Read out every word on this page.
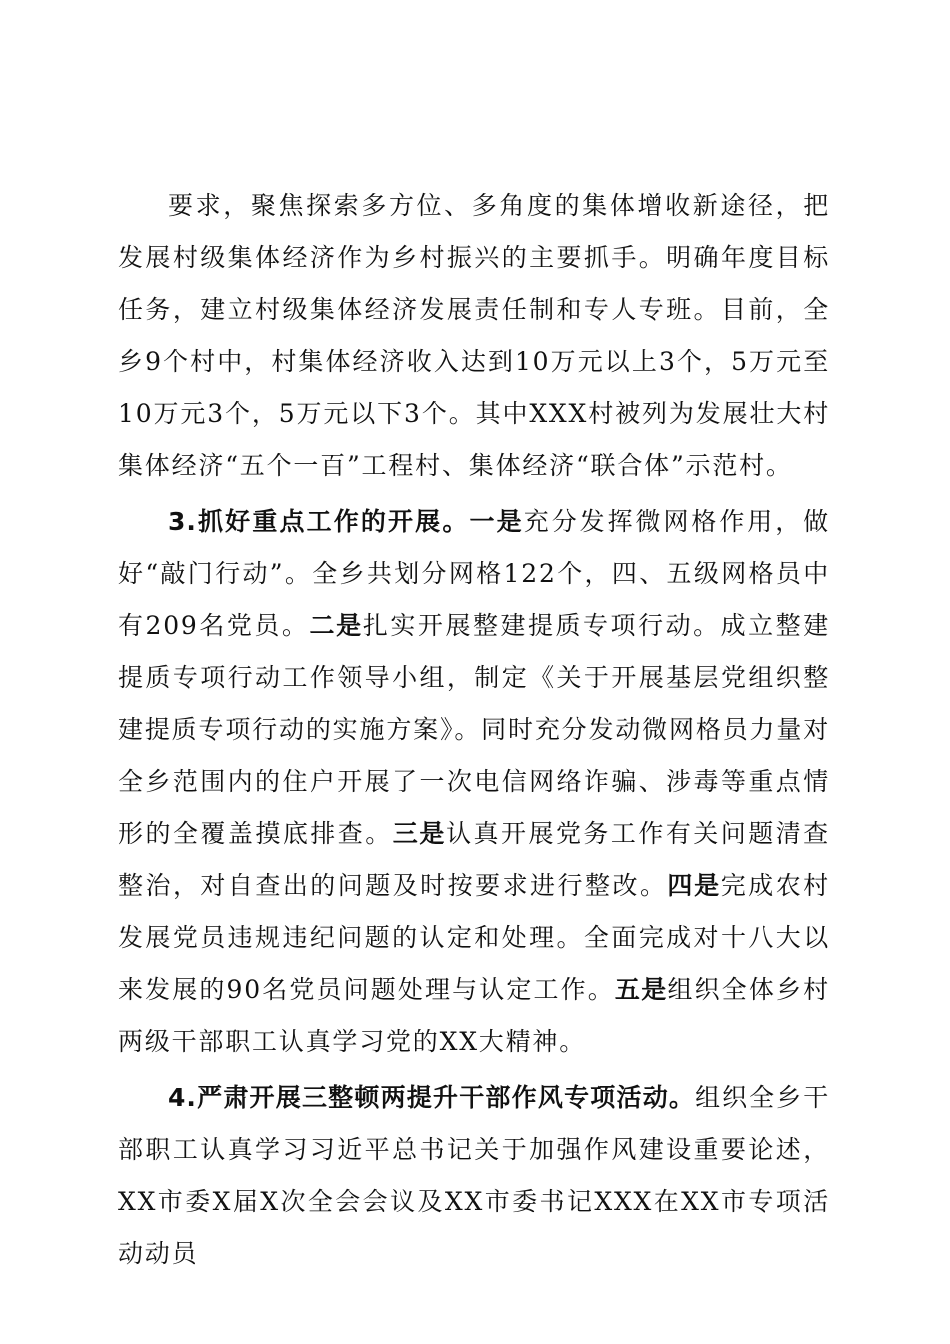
要求，聚焦探索多方位、多角度的集体增收新途径，把发展村级集体经济作为乡村振兴的主要抓手。明确年度目标任务，建立村级集体经济发展责任制和专人专班。目前，全乡9个村中，村集体经济收入达到10万元以上3个，5万元至10万元3个，5万元以下3个。其中XXX村被列为发展壮大村集体经济“五个一百”工程村、集体经济“联合体”示范村。

3.抓好重点工作的开展。一是充分发挥微网格作用，做好“敲门行动”。全乡共划分网格122个，四、五级网格员中有209名党员。二是扎实开展整建提质专项行动。成立整建提质专项行动工作领导小组，制定《关于开展基层党组织整建提质专项行动的实施方案》。同时充分发动微网格员力量对全乡范围内的住户开展了一次电信网络诈骗、涉毒等重点情形的全覆盖摸底排查。三是认真开展党务工作有关问题清查整治，对自查出的问题及时按要求进行整改。四是完成农村发展党员违规违纪问题的认定和处理。全面完成对十八大以来发展的90名党员问题处理与认定工作。五是组织全体乡村两级干部职工认真学习党的XX大精神。

4.严肃开展三整顿两提升干部作风专项活动。组织全乡干部职工认真学习习近平总书记关于加强作风建设重要论述，XX市委X届X次全会会议及XX市委书记XXX在XX市专项活动动员
